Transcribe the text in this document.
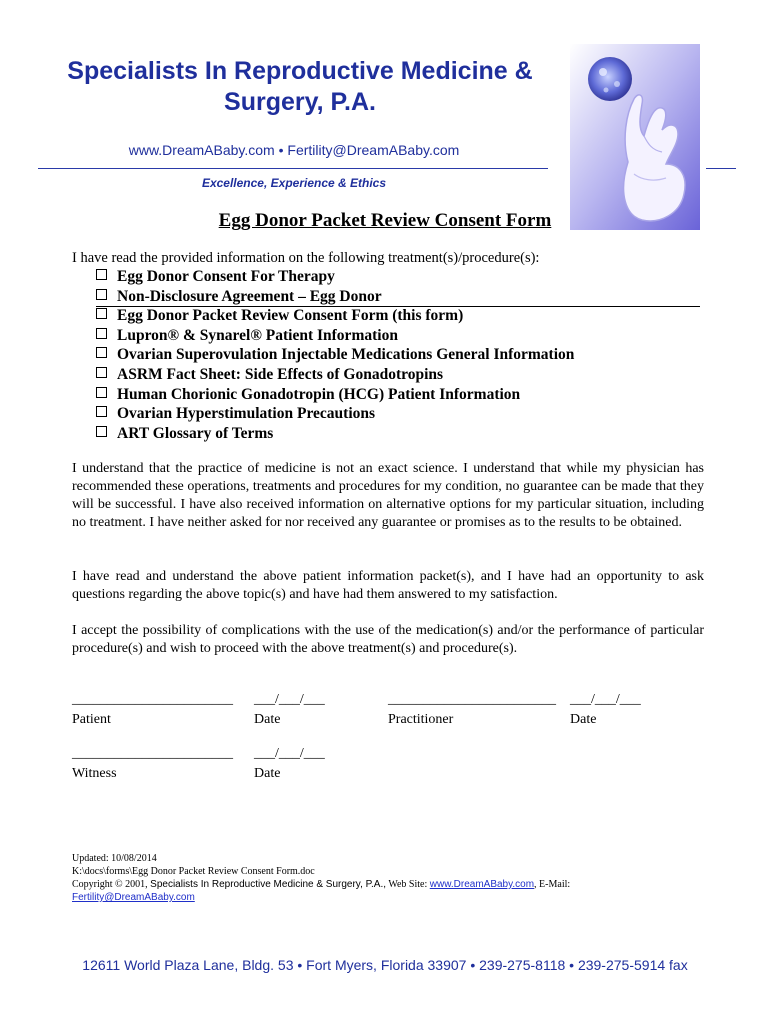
Specialists In Reproductive Medicine & Surgery, P.A.
www.DreamABaby.com • Fertility@DreamABaby.com
Excellence, Experience & Ethics
Egg Donor Packet Review Consent Form
I have read the provided information on the following treatment(s)/procedure(s):
Egg Donor Consent For Therapy
Non-Disclosure Agreement – Egg Donor
Egg Donor Packet Review Consent Form (this form)
Lupron® & Synarel® Patient Information
Ovarian Superovulation Injectable Medications General Information
ASRM Fact Sheet: Side Effects of Gonadotropins
Human Chorionic Gonadotropin (HCG) Patient Information
Ovarian Hyperstimulation Precautions
ART Glossary of Terms

I understand that the practice of medicine is not an exact science. I understand that while my physician has recommended these operations, treatments and procedures for my condition, no guarantee can be made that they will be successful. I have also received information on alternative options for my particular situation, including no treatment. I have neither asked for nor received any guarantee or promises as to the results to be obtained.

I have read and understand the above patient information packet(s), and I have had an opportunity to ask questions regarding the above topic(s) and have had them answered to my satisfaction.

I accept the possibility of complications with the use of the medication(s) and/or the performance of particular procedure(s) and wish to proceed with the above treatment(s) and procedure(s).

_______________________ ___/___/___	________________________ ___/___/___
Patient	Date	Practitioner	Date
_______________________ ___/___/___
Witness	Date
Updated: 10/08/2014
K:\docs\forms\Egg Donor Packet Review Consent Form.doc
Copyright © 2001, Specialists In Reproductive Medicine & Surgery, P.A., Web Site: www.DreamABaby.com, E-Mail:
Fertility@DreamABaby.com
12611 World Plaza Lane, Bldg. 53 • Fort Myers, Florida 33907 • 239-275-8118 • 239-275-5914 fax
